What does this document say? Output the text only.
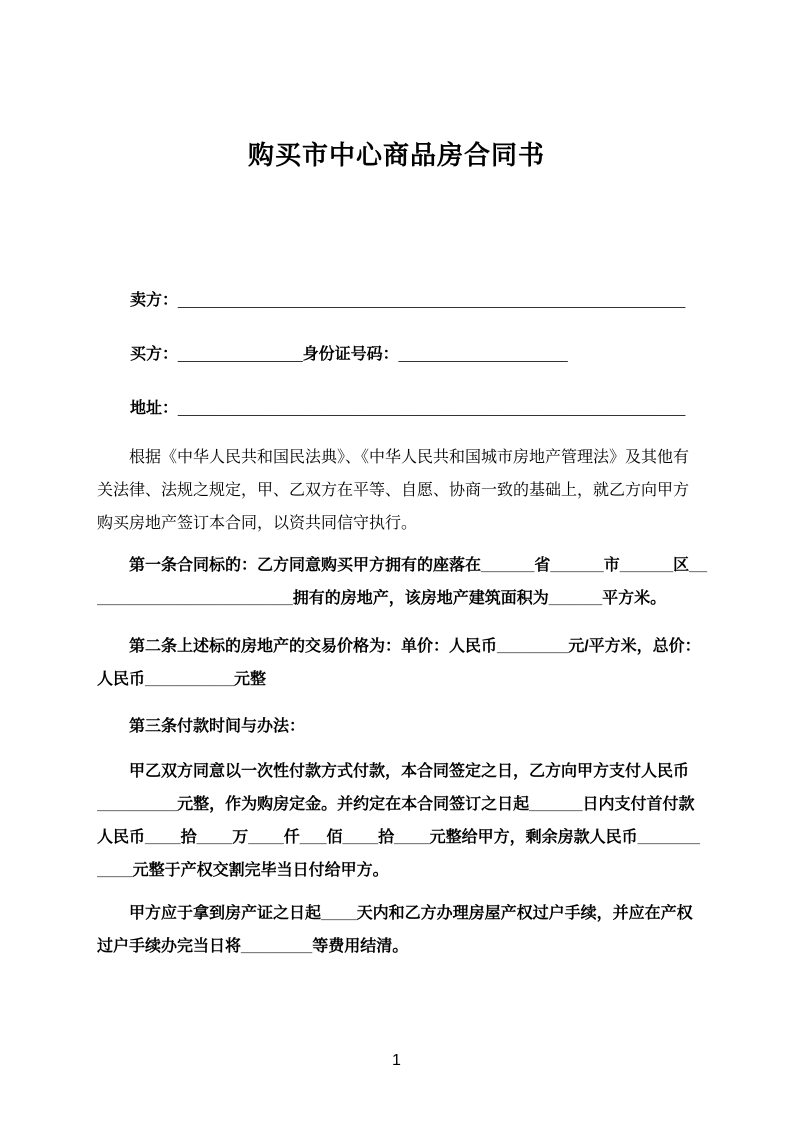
购买市中心商品房合同书
卖方：_________________________________________________________
买方：______________身份证号码：___________________
地址：_________________________________________________________
　　根据《中华人民共和国民法典》、《中华人民共和国城市房地产管理法》及其他有
关法律、法规之规定，甲、乙双方在平等、自愿、协商一致的基础上，就乙方向甲方
购买房地产签订本合同，以资共同信守执行。
　　第一条合同标的：乙方同意购买甲方拥有的座落在______省______市______区__
______________________拥有的房地产，该房地产建筑面积为______平方米。
　　第二条上述标的房地产的交易价格为：单价：人民币________元/平方米，总价：
人民币__________元整
　　第三条付款时间与办法：
　　甲乙双方同意以一次性付款方式付款，本合同签定之日，乙方向甲方支付人民币
_________元整，作为购房定金。并约定在本合同签订之日起______日内支付首付款
人民币____拾____万____仟___佰____拾____元整给甲方，剩余房款人民币_______
____元整于产权交割完毕当日付给甲方。
　　甲方应于拿到房产证之日起____天内和乙方办理房屋产权过户手续，并应在产权
过户手续办完当日将________等费用结清。
1
